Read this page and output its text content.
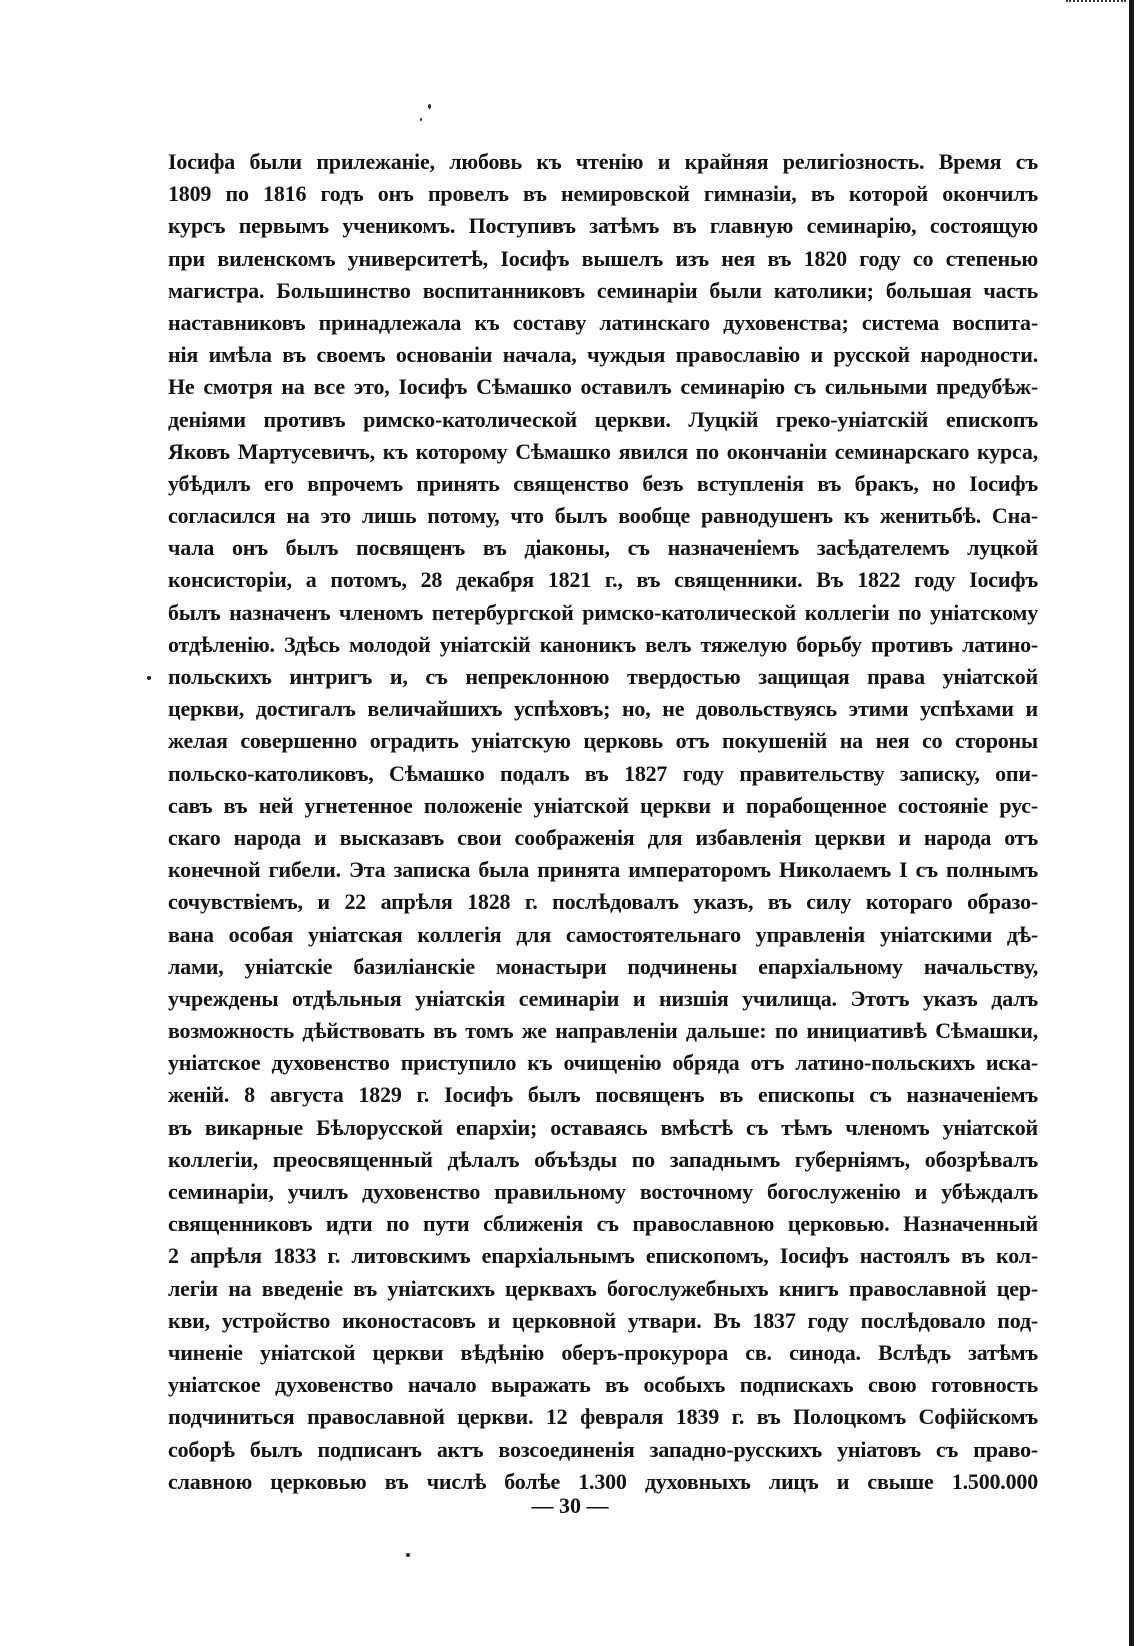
Іосифа были прилежаніе, любовь къ чтенію и крайняя религіозность. Время съ
1809 по 1816 годъ онъ провелъ въ немировской гимназіи, въ которой окончилъ
курсъ первымъ ученикомъ. Поступивъ затѣмъ въ главную семинарію, состоящую
при виленскомъ университетѣ, Іосифъ вышелъ изъ нея въ 1820 году со степенью
магистра. Большинство воспитанниковъ семинаріи были католики; большая часть
наставниковъ принадлежала къ составу латинскаго духовенства; система воспита-
нія имѣла въ своемъ основаніи начала, чуждыя православію и русской народности.
Не смотря на все это, Іосифъ Сѣмашко оставилъ семинарію съ сильными предубѣж-
деніями противъ римско-католической церкви. Луцкій греко-уніатскій епископъ
Яковъ Мартусевичъ, къ которому Сѣмашко явился по окончаніи семинарскаго курса,
убѣдилъ его впрочемъ принять священство безъ вступленія въ бракъ, но Іосифъ
согласился на это лишь потому, что былъ вообще равнодушенъ къ женитьбѣ. Сна-
чала онъ былъ посвященъ въ діаконы, съ назначеніемъ засѣдателемъ луцкой
консисторіи, а потомъ, 28 декабря 1821 г., въ священники. Въ 1822 году Іосифъ
былъ назначенъ членомъ петербургской римско-католической коллегіи по уніатскому
отдѣленію. Здѣсь молодой уніатскій каноникъ велъ тяжелую борьбу противъ латино-
польскихъ интригъ и, съ непреклонною твердостью защищая права уніатской
церкви, достигалъ величайшихъ успѣховъ; но, не довольствуясь этими успѣхами и
желая совершенно оградить уніатскую церковь отъ покушеній на нея со стороны
польско-католиковъ, Сѣмашко подалъ въ 1827 году правительству записку, опи-
савъ въ ней угнетенное положеніе уніатской церкви и порабощенное состояніе рус-
скаго народа и высказавъ свои соображенія для избавленія церкви и народа отъ
конечной гибели. Эта записка была принята императоромъ Николаемъ I съ полнымъ
сочувствіемъ, и 22 апрѣля 1828 г. послѣдовалъ указъ, въ силу котораго образо-
вана особая уніатская коллегія для самостоятельнаго управленія уніатскими дѣ-
лами, уніатскіе базиліанскіе монастыри подчинены епархіальному начальству,
учреждены отдѣльныя уніатскія семинаріи и низшія училища. Этотъ указъ далъ
возможность дѣйствовать въ томъ же направленіи дальше: по инициативѣ Сѣмашки,
уніатское духовенство приступило къ очищенію обряда отъ латино-польскихъ иска-
женій. 8 августа 1829 г. Іосифъ былъ посвященъ въ епископы съ назначеніемъ
въ викарные Бѣлорусской епархіи; оставаясь вмѣстѣ съ тѣмъ членомъ уніатской
коллегіи, преосвященный дѣлалъ объѣзды по западнымъ губерніямъ, обозрѣвалъ
семинаріи, училъ духовенство правильному восточному богослуженію и убѣждалъ
священниковъ идти по пути сближенія съ православною церковью. Назначенный
2 апрѣля 1833 г. литовскимъ епархіальнымъ епископомъ, Іосифъ настоялъ въ кол-
легіи на введеніе въ уніатскихъ церквахъ богослужебныхъ книгъ православной цер-
кви, устройство иконостасовъ и церковной утвари. Въ 1837 году послѣдовало под-
чиненіе уніатской церкви вѣдѣнію оберъ-прокурора св. синода. Вслѣдъ затѣмъ
уніатское духовенство начало выражать въ особыхъ подпискахъ свою готовность
подчиниться православной церкви. 12 февраля 1839 г. въ Полоцкомъ Софійскомъ
соборѣ былъ подписанъ актъ возсоединенія западно-русскихъ уніатовъ съ право-
славною церковью въ числѣ болѣе 1.300 духовныхъ лицъ и свыше 1.500.000
— 30 —
